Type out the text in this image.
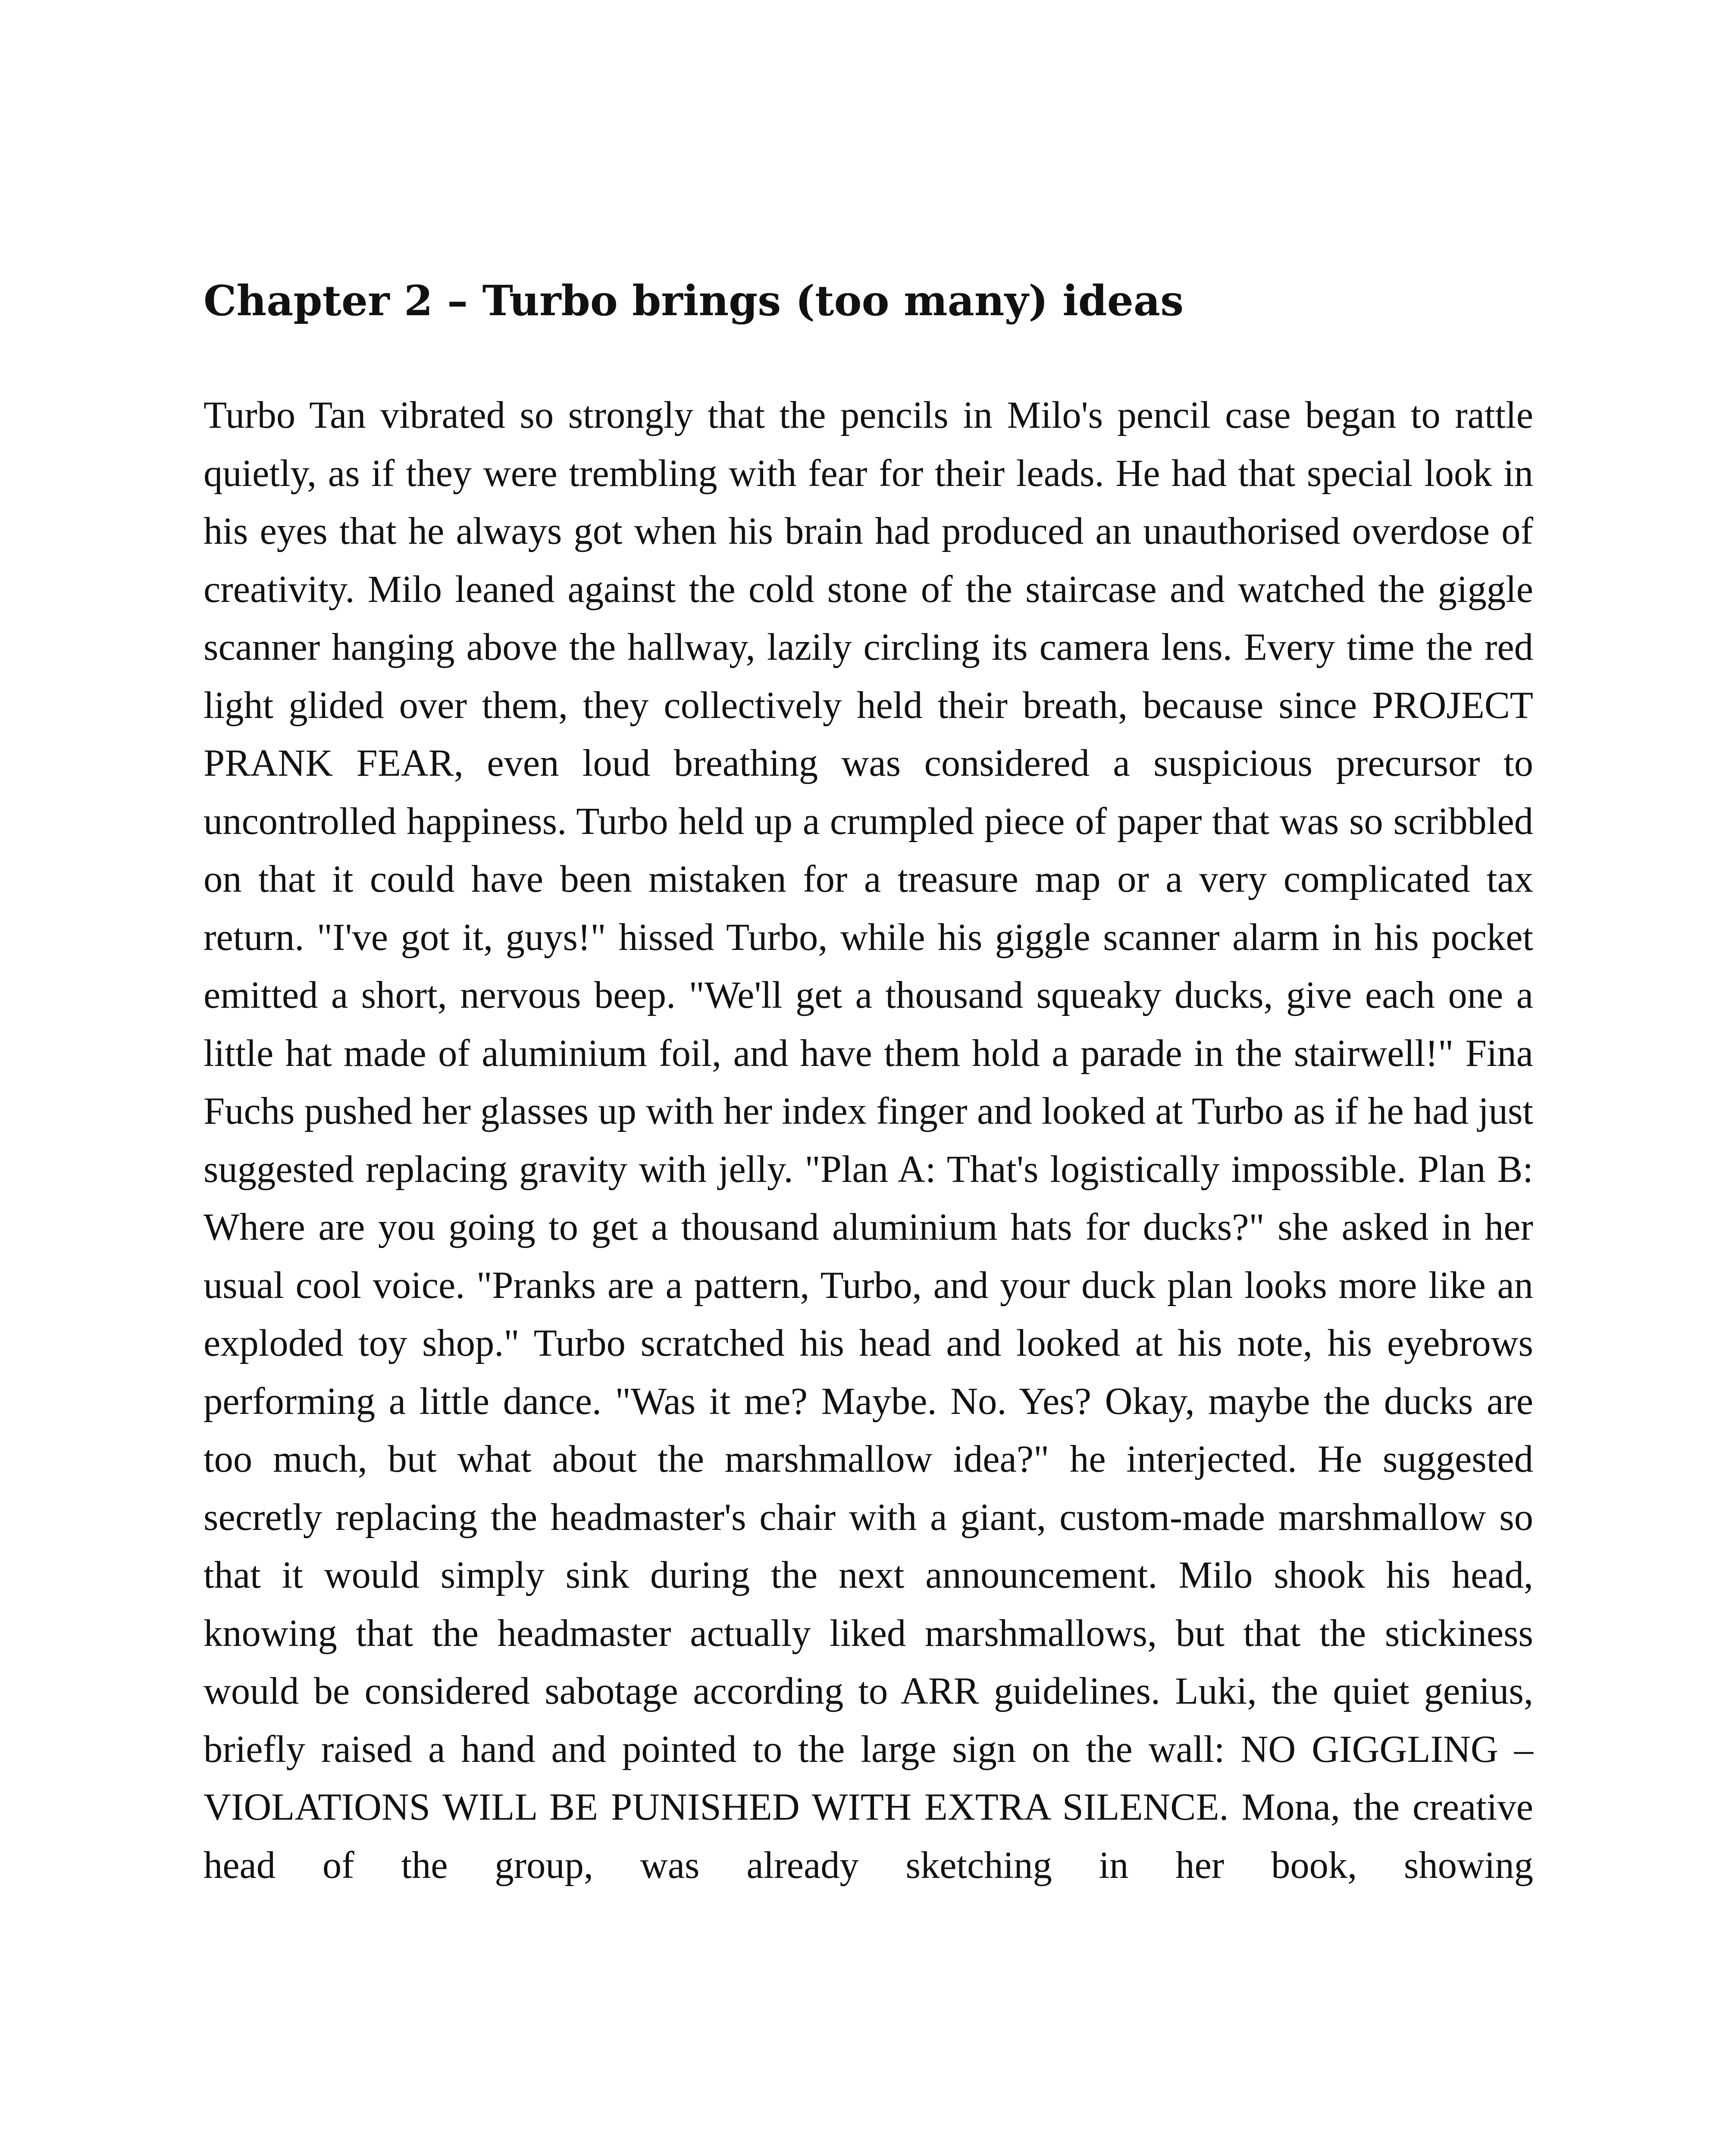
Chapter 2 – Turbo brings (too many) ideas

Turbo Tan vibrated so strongly that the pencils in Milo's pencil case began to rattle quietly, as if they were trembling with fear for their leads. He had that special look in his eyes that he always got when his brain had produced an unauthorised overdose of creativity. Milo leaned against the cold stone of the staircase and watched the giggle scanner hanging above the hallway, lazily circling its camera lens. Every time the red light glided over them, they collectively held their breath, because since PROJECT PRANK FEAR, even loud breathing was considered a suspicious precursor to uncontrolled happiness. Turbo held up a crumpled piece of paper that was so scribbled on that it could have been mistaken for a treasure map or a very complicated tax return. "I've got it, guys!" hissed Turbo, while his giggle scanner alarm in his pocket emitted a short, nervous beep. "We'll get a thousand squeaky ducks, give each one a little hat made of aluminium foil, and have them hold a parade in the stairwell!" Fina Fuchs pushed her glasses up with her index finger and looked at Turbo as if he had just suggested replacing gravity with jelly. "Plan A: That's logistically impossible. Plan B: Where are you going to get a thousand aluminium hats for ducks?" she asked in her usual cool voice. "Pranks are a pattern, Turbo, and your duck plan looks more like an exploded toy shop." Turbo scratched his head and looked at his note, his eyebrows performing a little dance. "Was it me? Maybe. No. Yes? Okay, maybe the ducks are too much, but what about the marshmallow idea?" he interjected. He suggested secretly replacing the headmaster's chair with a giant, custom-made marshmallow so that it would simply sink during the next announcement. Milo shook his head, knowing that the headmaster actually liked marshmallows, but that the stickiness would be considered sabotage according to ARR guidelines. Luki, the quiet genius, briefly raised a hand and pointed to the large sign on the wall: NO GIGGLING – VIOLATIONS WILL BE PUNISHED WITH EXTRA SILENCE. Mona, the creative head of the group, was already sketching in her book, showing
